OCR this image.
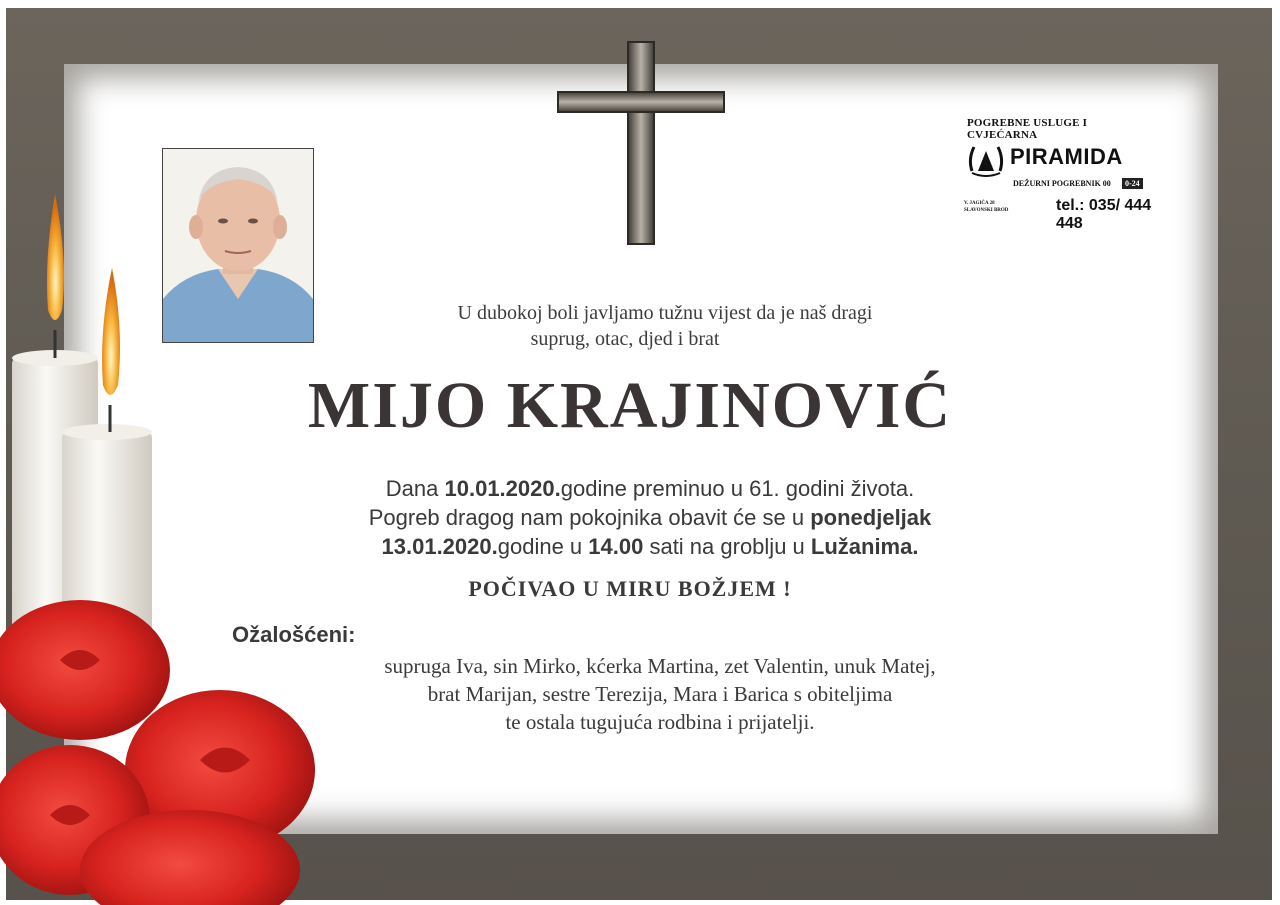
POGREBNE USLUGE I CVJEĆARNA
PIRAMIDA
DEŽURNI POGREBNIK 00	0-24
V. JAGIĆA 28
SLAVONSKI BROD	tel.: 035/ 444 448
U dubokoj boli javljamo tužnu vijest da je naš dragi
suprug, otac, djed i brat
MIJO KRAJINOVIĆ
Dana 10.01.2020.godine preminuo u 61. godini života.
Pogreb dragog nam pokojnika obavit će se u ponedjeljak
13.01.2020.godine u 14.00 sati na groblju u Lužanima.
POČIVAO U MIRU BOŽJEM !
Ožalošćeni:
supruga Iva, sin Mirko, kćerka Martina, zet Valentin, unuk Matej,
brat Marijan, sestre Terezija, Mara i Barica s obiteljima
te ostala tugujuća rodbina i prijatelji.
